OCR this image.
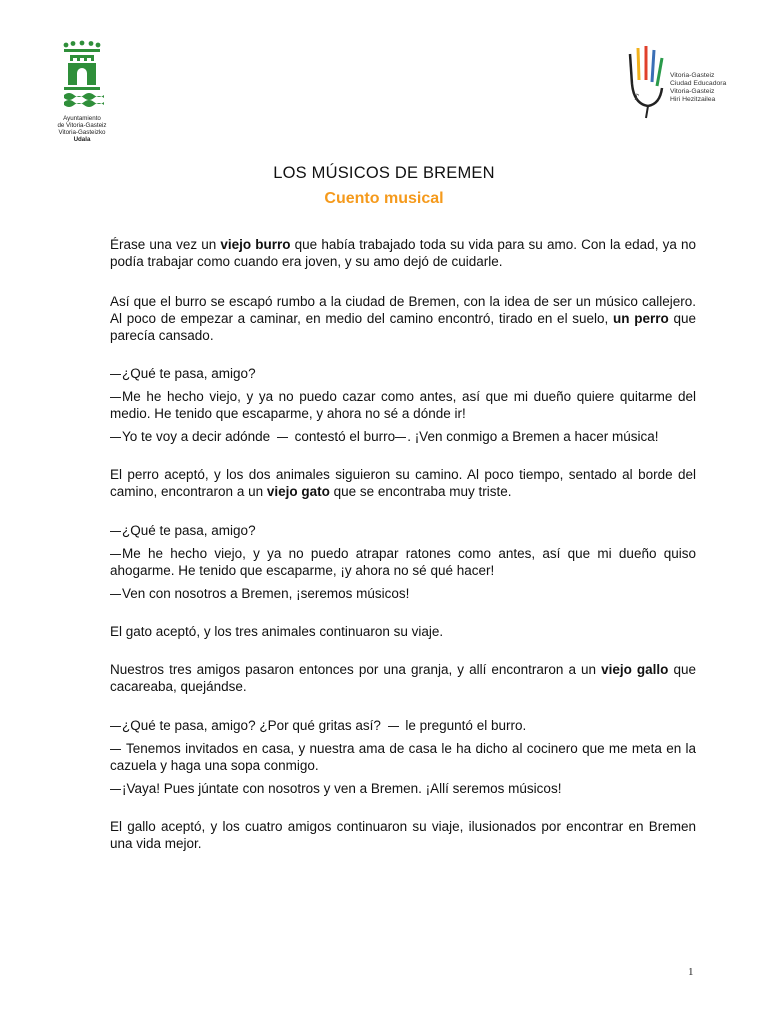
Ayuntamiento
de Vitoria-Gasteiz
Vitoria-Gasteizko
Udala
♪
Vitoria-Gasteiz
Ciudad Educadora
Vitoria-Gasteiz
Hiri Hezitzailea
LOS MÚSICOS DE BREMEN
Cuento musical

Érase una vez un viejo burro que había trabajado toda su vida para su amo. Con la edad, ya no podía trabajar como cuando era joven, y su amo dejó de cuidarle.

Así que el burro se escapó rumbo a la ciudad de Bremen, con la idea de ser un músico callejero. Al poco de empezar a caminar, en medio del camino encontró, tirado en el suelo, un perro que parecía cansado.

¿Qué te pasa, amigo?

Me he hecho viejo, y ya no puedo cazar como antes, así que mi dueño quiere quitarme del medio. He tenido que escaparme, y ahora no sé a dónde ir!

Yo te voy a decir adónde  contestó el burro . ¡Ven conmigo a Bremen a hacer música!

El perro aceptó, y los dos animales siguieron su camino. Al poco tiempo, sentado al borde del camino, encontraron a un viejo gato que se encontraba muy triste.

¿Qué te pasa, amigo?

Me he hecho viejo, y ya no puedo atrapar ratones como antes, así que mi dueño quiso ahogarme. He tenido que escaparme, ¡y ahora no sé qué hacer!

Ven con nosotros a Bremen, ¡seremos músicos!

El gato aceptó, y los tres animales continuaron su viaje.

Nuestros tres amigos pasaron entonces por una granja, y allí encontraron a un viejo gallo que cacareaba, quejándse.

¿Qué te pasa, amigo? ¿Por qué gritas así?  le preguntó el burro.

Tenemos invitados en casa, y nuestra ama de casa le ha dicho al cocinero que me meta en la cazuela y haga una sopa conmigo.

¡Vaya! Pues júntate con nosotros y ven a Bremen. ¡Allí seremos músicos!

El gallo aceptó, y los cuatro amigos continuaron su viaje, ilusionados por encontrar en Bremen una vida mejor.

1
